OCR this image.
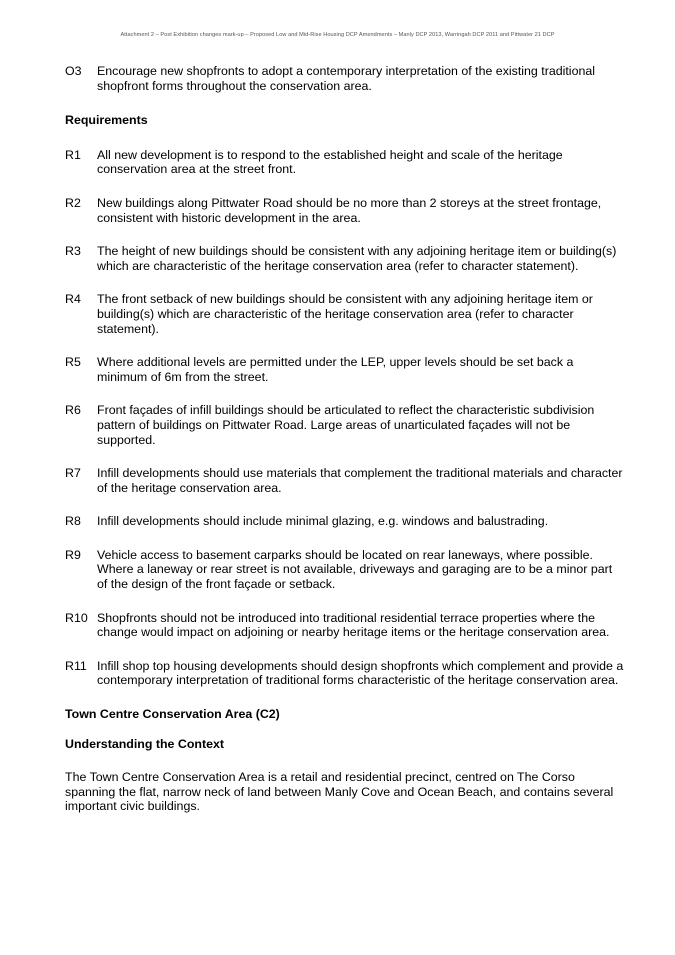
Attachment 2 – Post Exhibition changes mark-up – Proposed Low and Mid-Rise Housing DCP Amendments – Manly DCP 2013, Warringah DCP 2011 and Pittwater 21 DCP
O3	Encourage new shopfronts to adopt a contemporary interpretation of the existing traditional shopfront forms throughout the conservation area.
Requirements
R1	All new development is to respond to the established height and scale of the heritage conservation area at the street front.
R2	New buildings along Pittwater Road should be no more than 2 storeys at the street frontage, consistent with historic development in the area.
R3	The height of new buildings should be consistent with any adjoining heritage item or building(s) which are characteristic of the heritage conservation area (refer to character statement).
R4	The front setback of new buildings should be consistent with any adjoining heritage item or building(s) which are characteristic of the heritage conservation area (refer to character statement).
R5	Where additional levels are permitted under the LEP, upper levels should be set back a minimum of 6m from the street.
R6	Front façades of infill buildings should be articulated to reflect the characteristic subdivision pattern of buildings on Pittwater Road. Large areas of unarticulated façades will not be supported.
R7	Infill developments should use materials that complement the traditional materials and character of the heritage conservation area.
R8	Infill developments should include minimal glazing, e.g. windows and balustrading.
R9	Vehicle access to basement carparks should be located on rear laneways, where possible. Where a laneway or rear street is not available, driveways and garaging are to be a minor part of the design of the front façade or setback.
R10 Shopfronts should not be introduced into traditional residential terrace properties where the change would impact on adjoining or nearby heritage items or the heritage conservation area.
R11 Infill shop top housing developments should design shopfronts which complement and provide a contemporary interpretation of traditional forms characteristic of the heritage conservation area.
Town Centre Conservation Area (C2)
Understanding the Context
The Town Centre Conservation Area is a retail and residential precinct, centred on The Corso spanning the flat, narrow neck of land between Manly Cove and Ocean Beach, and contains several important civic buildings.
